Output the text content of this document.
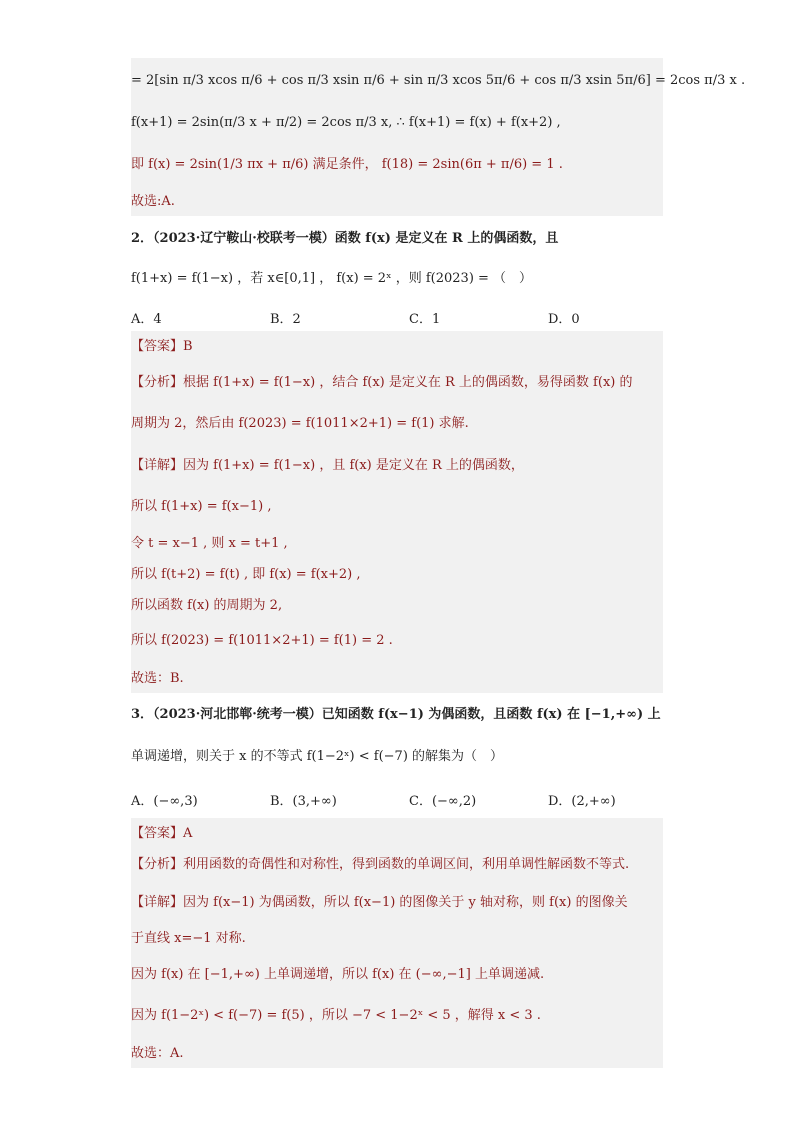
= 2[sin π/3 xcos π/6 + cos π/3 xsin π/6 + sin π/3 xcos 5π/6 + cos π/3 xsin 5π/6] = 2cos π/3 x .
f(x+1) = 2sin(π/3 x + π/2) = 2cos π/3 x, ∴ f(x+1) = f(x) + f(x+2) ,
即 f(x) = 2sin(1/3 πx + π/6) 满足条件， f(18) = 2sin(6π + π/6) = 1 .
故选:A.
2．（2023·辽宁鞍山·校联考一模）函数 f(x) 是定义在 R 上的偶函数，且
f(1+x) = f(1−x) ，若 x∈[0,1] ， f(x) = 2ˣ ，则 f(2023) = （　）
A．4	B．2	C．1	D．0
【答案】B
【分析】根据 f(1+x) = f(1−x) ，结合 f(x) 是定义在 R 上的偶函数，易得函数 f(x) 的
周期为 2，然后由 f(2023) = f(1011×2+1) = f(1) 求解.
【详解】因为 f(1+x) = f(1−x) ，且 f(x) 是定义在 R 上的偶函数，
所以 f(1+x) = f(x−1) ,
令 t = x−1 , 则 x = t+1 ,
所以 f(t+2) = f(t) , 即 f(x) = f(x+2) ,
所以函数 f(x) 的周期为 2,
所以 f(2023) = f(1011×2+1) = f(1) = 2 .
故选：B.
3．（2023·河北邯郸·统考一模）已知函数 f(x−1) 为偶函数，且函数 f(x) 在 [−1,+∞) 上
单调递增，则关于 x 的不等式 f(1−2ˣ) < f(−7) 的解集为（　）
A．(−∞,3)	B．(3,+∞)	C．(−∞,2)	D．(2,+∞)
【答案】A
【分析】利用函数的奇偶性和对称性，得到函数的单调区间，利用单调性解函数不等式.
【详解】因为 f(x−1) 为偶函数，所以 f(x−1) 的图像关于 y 轴对称，则 f(x) 的图像关
于直线 x=−1 对称.
因为 f(x) 在 [−1,+∞) 上单调递增，所以 f(x) 在 (−∞,−1] 上单调递减.
因为 f(1−2ˣ) < f(−7) = f(5) ，所以 −7 < 1−2ˣ < 5 ，解得 x < 3 .
故选：A.
